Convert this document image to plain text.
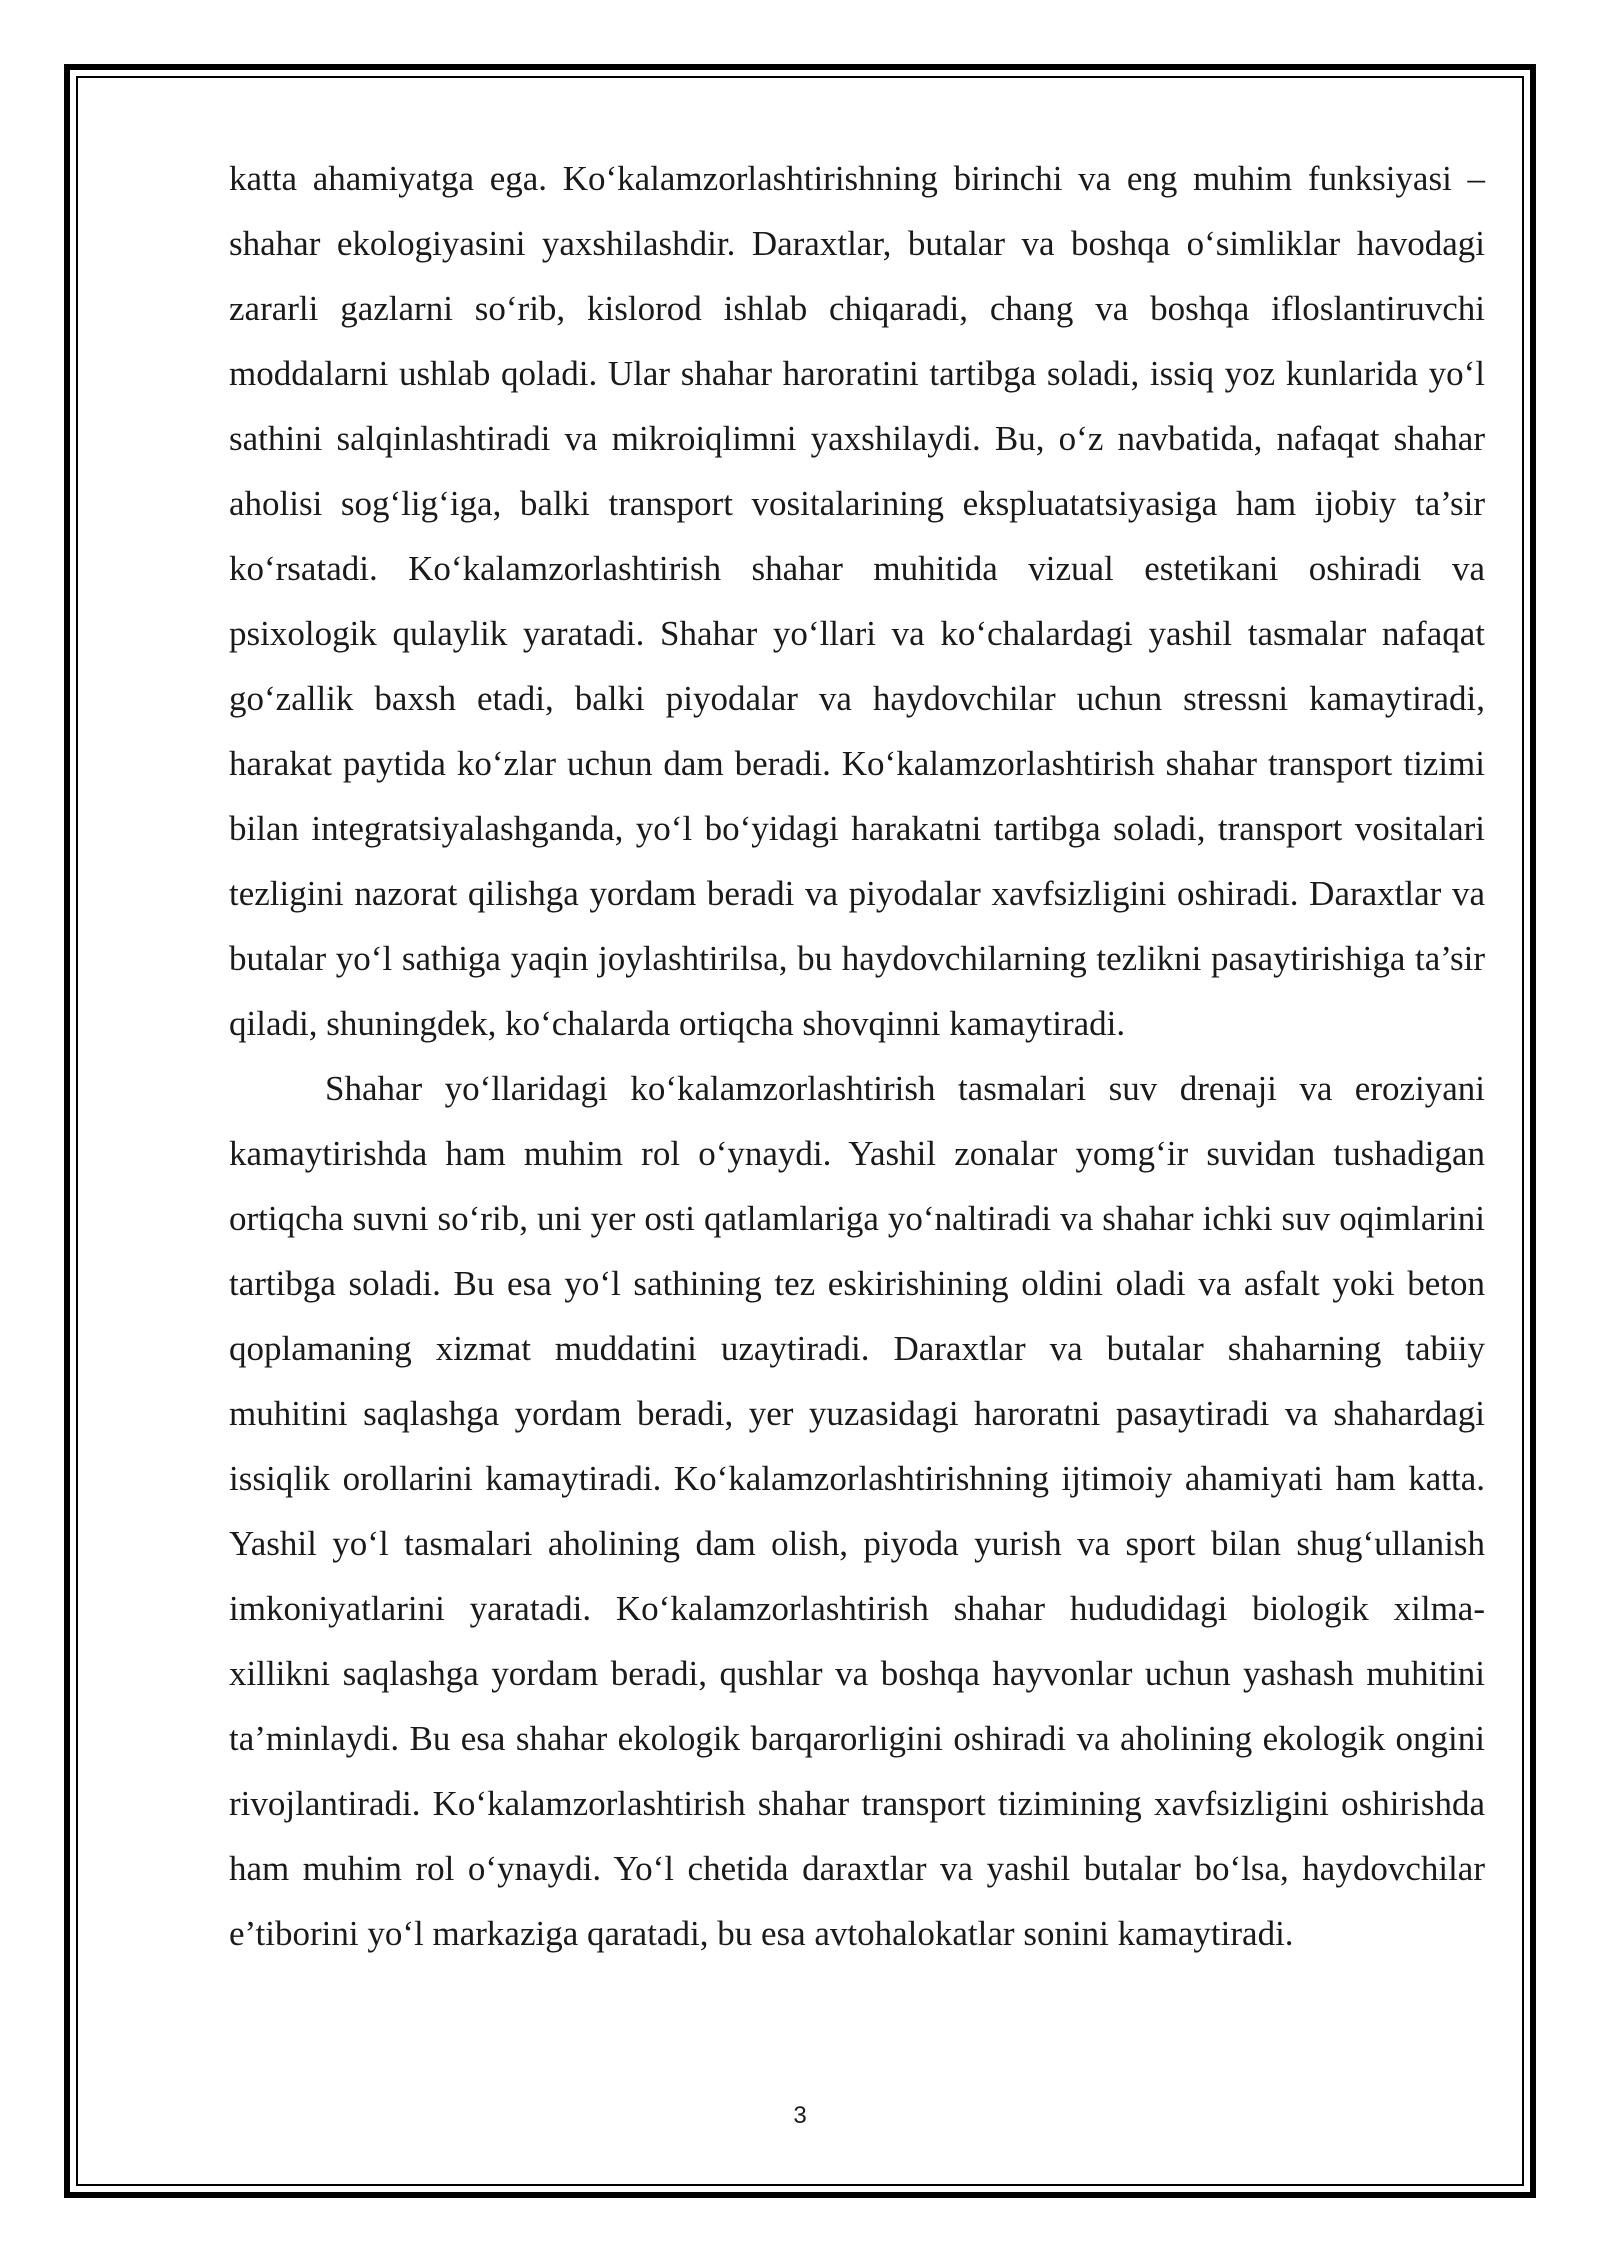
katta ahamiyatga ega. Koʻkalamzorlashtirishning birinchi va eng muhim funksiyasi – shahar ekologiyasini yaxshilashdir. Daraxtlar, butalar va boshqa oʻsimliklar havodagi zararli gazlarni soʻrib, kislorod ishlab chiqaradi, chang va boshqa ifloslantiruvchi moddalarni ushlab qoladi. Ular shahar haroratini tartibga soladi, issiq yoz kunlarida yoʻl sathini salqinlashtiradi va mikroiqlimni yaxshilaydi. Bu, oʻz navbatida, nafaqat shahar aholisi sogʻligʻiga, balki transport vositalarining ekspluatatsiyasiga ham ijobiy ta’sir koʻrsatadi. Koʻkalamzorlashtirish shahar muhitida vizual estetikani oshiradi va psixologik qulaylik yaratadi. Shahar yoʻllari va koʻchalardagi yashil tasmalar nafaqat goʻzallik baxsh etadi, balki piyodalar va haydovchilar uchun stressni kamaytiradi, harakat paytida koʻzlar uchun dam beradi. Koʻkalamzorlashtirish shahar transport tizimi bilan integratsiyalashganda, yoʻl boʻyidagi harakatni tartibga soladi, transport vositalari tezligini nazorat qilishga yordam beradi va piyodalar xavfsizligini oshiradi. Daraxtlar va butalar yoʻl sathiga yaqin joylashtirilsa, bu haydovchilarning tezlikni pasaytirishiga ta’sir qiladi, shuningdek, koʻchalarda ortiqcha shovqinni kamaytiradi.

Shahar yoʻllaridagi koʻkalamzorlashtirish tasmalari suv drenaji va eroziyani kamaytirishda ham muhim rol oʻynaydi. Yashil zonalar yomgʻir suvidan tushadigan ortiqcha suvni soʻrib, uni yer osti qatlamlariga yoʻnaltiradi va shahar ichki suv oqimlarini tartibga soladi. Bu esa yoʻl sathining tez eskirishining oldini oladi va asfalt yoki beton qoplamaning xizmat muddatini uzaytiradi. Daraxtlar va butalar shaharning tabiiy muhitini saqlashga yordam beradi, yer yuzasidagi haroratni pasaytiradi va shahardagi issiqlik orollarini kamaytiradi. Koʻkalamzorlashtirishning ijtimoiy ahamiyati ham katta. Yashil yoʻl tasmalari aholining dam olish, piyoda yurish va sport bilan shugʻullanish imkoniyatlarini yaratadi. Koʻkalamzorlashtirish shahar hududidagi biologik xilma-xillikni saqlashga yordam beradi, qushlar va boshqa hayvonlar uchun yashash muhitini ta’minlaydi. Bu esa shahar ekologik barqarorligini oshiradi va aholining ekologik ongini rivojlantiradi. Koʻkalamzorlashtirish shahar transport tizimining xavfsizligini oshirishda ham muhim rol oʻynaydi. Yoʻl chetida daraxtlar va yashil butalar boʻlsa, haydovchilar e’tiborini yoʻl markaziga qaratadi, bu esa avtohalokatlar sonini kamaytiradi.

3
